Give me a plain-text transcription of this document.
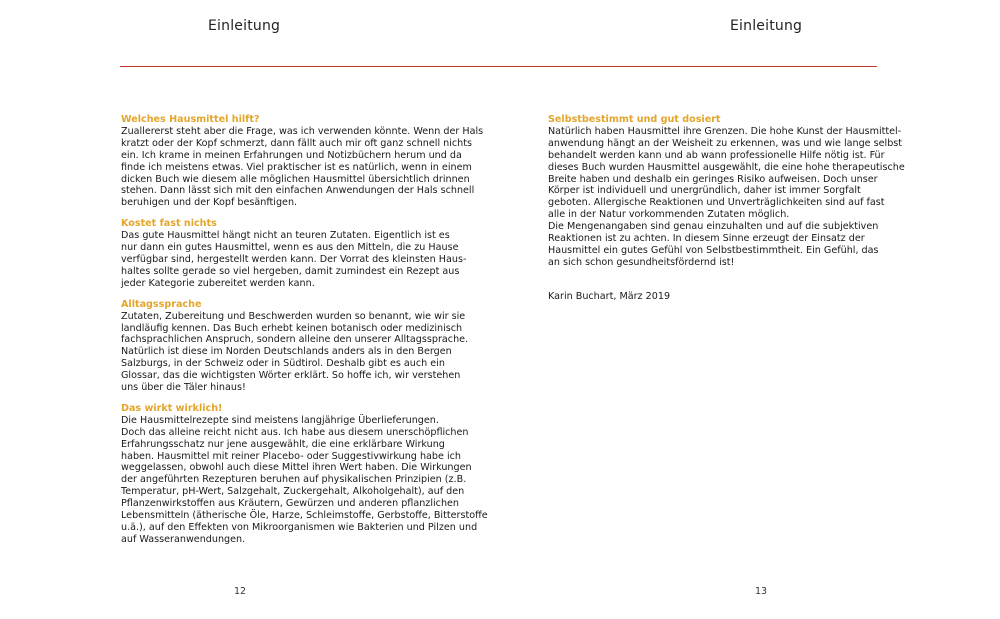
Einleitung
Welches Hausmittel hilft?
Zuallererst steht aber die Frage, was ich verwenden könnte. Wenn der Hals
kratzt oder der Kopf schmerzt, dann fällt auch mir oft ganz schnell nichts
ein. Ich krame in meinen Erfahrungen und Notizbüchern herum und da
finde ich meistens etwas. Viel praktischer ist es natürlich, wenn in einem
dicken Buch wie diesem alle möglichen Hausmittel übersichtlich drinnen
stehen. Dann lässt sich mit den einfachen Anwendungen der Hals schnell
beruhigen und der Kopf besänftigen.
Kostet fast nichts
Das gute Hausmittel hängt nicht an teuren Zutaten. Eigentlich ist es
nur dann ein gutes Hausmittel, wenn es aus den Mitteln, die zu Hause
verfügbar sind, hergestellt werden kann. Der Vorrat des kleinsten Haus-
haltes sollte gerade so viel hergeben, damit zumindest ein Rezept aus
jeder Kategorie zubereitet werden kann.
Alltagssprache
Zutaten, Zubereitung und Beschwerden wurden so benannt, wie wir sie
landläufig kennen. Das Buch erhebt keinen botanisch oder medizinisch
fachsprachlichen Anspruch, sondern alleine den unserer Alltagssprache.
Natürlich ist diese im Norden Deutschlands anders als in den Bergen
Salzburgs, in der Schweiz oder in Südtirol. Deshalb gibt es auch ein
Glossar, das die wichtigsten Wörter erklärt. So hoffe ich, wir verstehen
uns über die Täler hinaus!
Das wirkt wirklich!
Die Hausmittelrezepte sind meistens langjährige Überlieferungen.
Doch das alleine reicht nicht aus. Ich habe aus diesem unerschöpflichen
Erfahrungsschatz nur jene ausgewählt, die eine erklärbare Wirkung
haben. Hausmittel mit reiner Placebo- oder Suggestivwirkung habe ich
weggelassen, obwohl auch diese Mittel ihren Wert haben. Die Wirkungen
der angeführten Rezepturen beruhen auf physikalischen Prinzipien (z.B.
Temperatur, pH-Wert, Salzgehalt, Zuckergehalt, Alkoholgehalt), auf den
Pflanzenwirkstoffen aus Kräutern, Gewürzen und anderen pflanzlichen
Lebensmitteln (ätherische Öle, Harze, Schleimstoffe, Gerbstoffe, Bitterstoffe
u.ä.), auf den Effekten von Mikroorganismen wie Bakterien und Pilzen und
auf Wasseranwendungen.
12
Einleitung
Selbstbestimmt und gut dosiert
Natürlich haben Hausmittel ihre Grenzen. Die hohe Kunst der Hausmittel-
anwendung hängt an der Weisheit zu erkennen, was und wie lange selbst
behandelt werden kann und ab wann professionelle Hilfe nötig ist. Für
dieses Buch wurden Hausmittel ausgewählt, die eine hohe therapeutische
Breite haben und deshalb ein geringes Risiko aufweisen. Doch unser
Körper ist individuell und unergründlich, daher ist immer Sorgfalt
geboten. Allergische Reaktionen und Unverträglichkeiten sind auf fast
alle in der Natur vorkommenden Zutaten möglich.
Die Mengenangaben sind genau einzuhalten und auf die subjektiven
Reaktionen ist zu achten. In diesem Sinne erzeugt der Einsatz der
Hausmittel ein gutes Gefühl von Selbstbestimmtheit. Ein Gefühl, das
an sich schon gesundheitsfördernd ist!
Karin Buchart, März 2019
13
